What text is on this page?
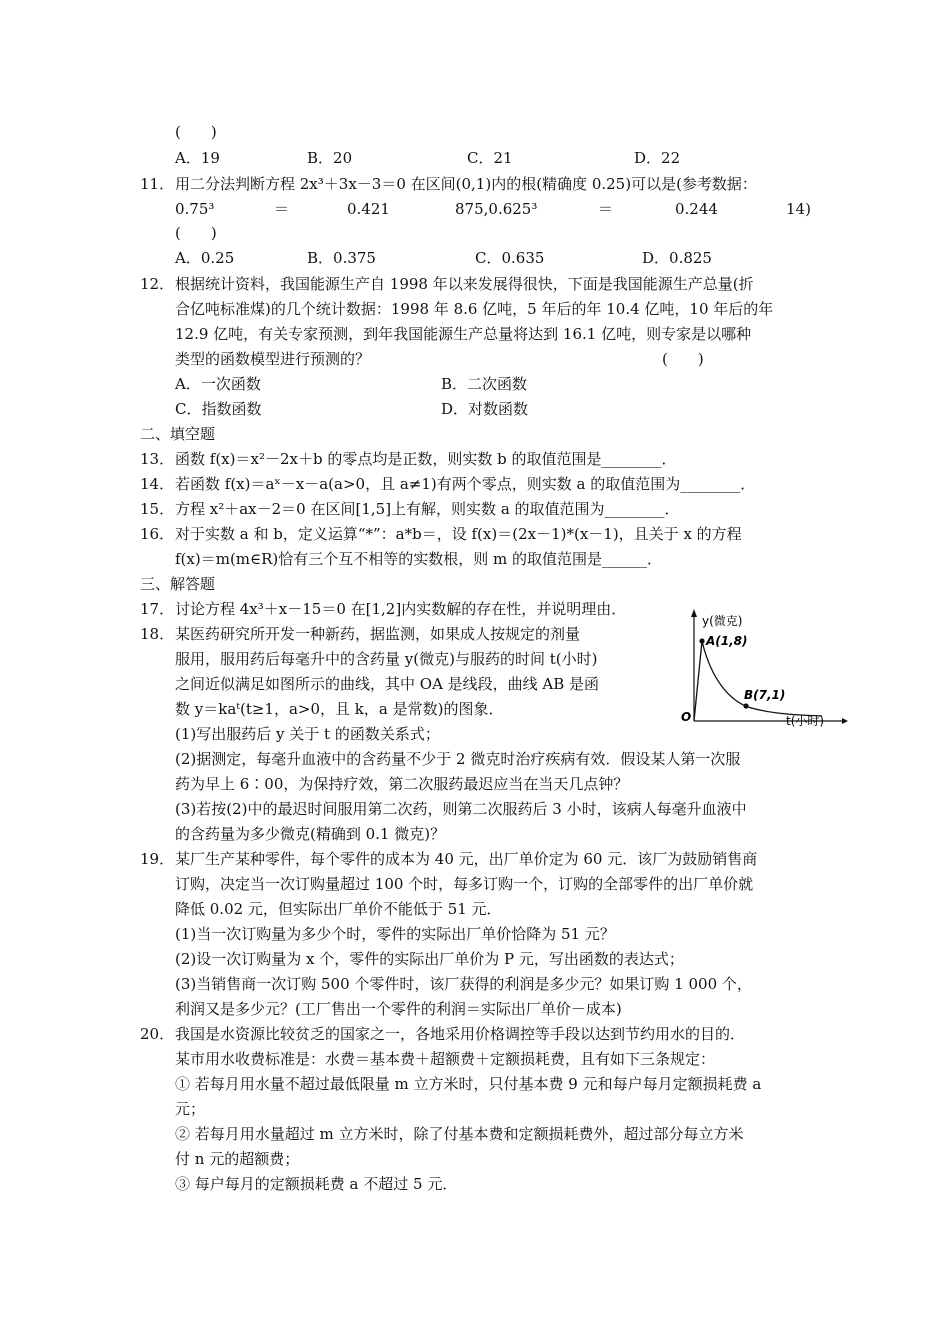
(　　)
A．19	B．20	C．21	D．22
11． 用二分法判断方程 2x³＋3x－3＝0 在区间(0,1)内的根(精确度 0.25)可以是(参考数据：
0.75³	＝	0.421	875,0.625³	＝	0.244	14)
(　　)
A．0.25	B．0.375	C．0.635	D．0.825
12． 根据统计资料，我国能源生产自 1998 年以来发展得很快，下面是我国能源生产总量(折
合亿吨标准煤)的几个统计数据：1998 年 8.6 亿吨，5 年后的年 10.4 亿吨，10 年后的年
12.9 亿吨，有关专家预测，到年我国能源生产总量将达到 16.1 亿吨，则专家是以哪种
类型的函数模型进行预测的？	(　　)
A．一次函数	B．二次函数
C．指数函数	D．对数函数
二、填空题
13． 函数 f(x)＝x²－2x＋b 的零点均是正数，则实数 b 的取值范围是________．
14． 若函数 f(x)＝aˣ－x－a(a>0，且 a≠1)有两个零点，则实数 a 的取值范围为________．
15． 方程 x²＋ax－2＝0 在区间[1,5]上有解，则实数 a 的取值范围为________．
16． 对于实数 a 和 b，定义运算“*”：a*b＝，设 f(x)＝(2x－1)*(x－1)，且关于 x 的方程
f(x)＝m(m∈R)恰有三个互不相等的实数根，则 m 的取值范围是______．
三、解答题
17． 讨论方程 4x³＋x－15＝0 在[1,2]内实数解的存在性，并说明理由．
18． 某医药研究所开发一种新药，据监测，如果成人按规定的剂量
服用，服用药后每毫升中的含药量 y(微克)与服药的时间 t(小时)
之间近似满足如图所示的曲线，其中 OA 是线段，曲线 AB 是函
数 y＝kaᵗ(t≥1，a>0，且 k，a 是常数)的图象．
(1)写出服药后 y 关于 t 的函数关系式；
(2)据测定，每毫升血液中的含药量不少于 2 微克时治疗疾病有效．假设某人第一次服
药为早上 6∶00，为保持疗效，第二次服药最迟应当在当天几点钟？
(3)若按(2)中的最迟时间服用第二次药，则第二次服药后 3 小时，该病人每毫升血液中
的含药量为多少微克(精确到 0.1 微克)？
y(微克)
A(1,8)
B(7,1)
O	t(小时)
19． 某厂生产某种零件，每个零件的成本为 40 元，出厂单价定为 60 元．该厂为鼓励销售商
订购，决定当一次订购量超过 100 个时，每多订购一个，订购的全部零件的出厂单价就
降低 0.02 元，但实际出厂单价不能低于 51 元．
(1)当一次订购量为多少个时，零件的实际出厂单价恰降为 51 元？
(2)设一次订购量为 x 个，零件的实际出厂单价为 P 元，写出函数的表达式；
(3)当销售商一次订购 500 个零件时，该厂获得的利润是多少元？如果订购 1 000 个，
利润又是多少元？(工厂售出一个零件的利润＝实际出厂单价－成本)
20． 我国是水资源比较贫乏的国家之一，各地采用价格调控等手段以达到节约用水的目的．
某市用水收费标准是：水费＝基本费＋超额费＋定额损耗费，且有如下三条规定：
① 若每月用水量不超过最低限量 m 立方米时，只付基本费 9 元和每户每月定额损耗费 a
元；
② 若每月用水量超过 m 立方米时，除了付基本费和定额损耗费外，超过部分每立方米
付 n 元的超额费；
③ 每户每月的定额损耗费 a 不超过 5 元．
